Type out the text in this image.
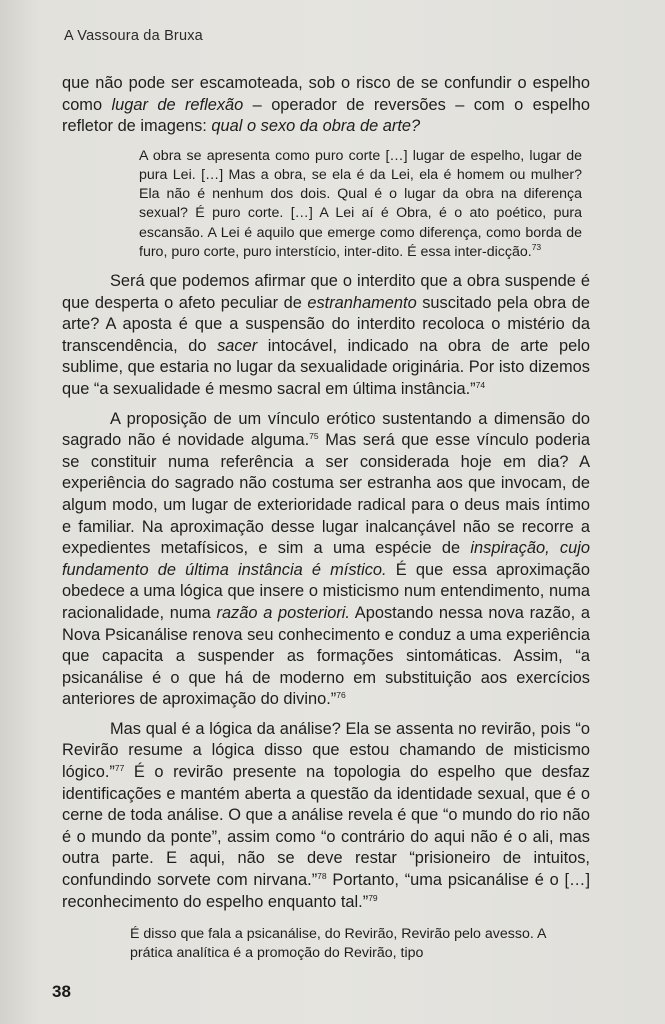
A Vassoura da Bruxa

que não pode ser escamoteada, sob o risco de se confundir o espelho como lugar de reflexão – operador de reversões – com o espelho refletor de imagens: qual o sexo da obra de arte?

A obra se apresenta como puro corte […] lugar de espelho, lugar de pura Lei. […] Mas a obra, se ela é da Lei, ela é homem ou mulher? Ela não é nenhum dos dois. Qual é o lugar da obra na diferença sexual? É puro corte. […] A Lei aí é Obra, é o ato poético, pura escansão. A Lei é aquilo que emerge como diferença, como borda de furo, puro corte, puro interstício, inter-dito. É essa inter-dicção.$^{73}$

Será que podemos afirmar que o interdito que a obra suspende é que desperta o afeto peculiar de estranhamento suscitado pela obra de arte? A aposta é que a suspensão do interdito recoloca o mistério da transcendência, do sacer intocável, indicado na obra de arte pelo sublime, que estaria no lugar da sexualidade originária. Por isto dizemos que “a sexualidade é mesmo sacral em última instância.”$^{74}$

A proposição de um vínculo erótico sustentando a dimensão do sagrado não é novidade alguma.$^{75}$ Mas será que esse vínculo poderia se constituir numa referência a ser considerada hoje em dia? A experiência do sagrado não costuma ser estranha aos que invocam, de algum modo, um lugar de exterioridade radical para o deus mais íntimo e familiar. Na aproximação desse lugar inalcançável não se recorre a expedientes metafísicos, e sim a uma espécie de inspiração, cujo fundamento de última instância é místico. É que essa aproximação obedece a uma lógica que insere o misticismo num entendimento, numa racionalidade, numa razão a posteriori. Apostando nessa nova razão, a Nova Psicanálise renova seu conhecimento e conduz a uma experiência que capacita a suspender as formações sintomáticas. Assim, “a psicanálise é o que há de moderno em substituição aos exercícios anteriores de aproximação do divino.”$^{76}$

Mas qual é a lógica da análise? Ela se assenta no revirão, pois “o Revirão resume a lógica disso que estou chamando de misticismo lógico.”$^{77}$ É o revirão presente na topologia do espelho que desfaz identificações e mantém aberta a questão da identidade sexual, que é o cerne de toda análise. O que a análise revela é que “o mundo do rio não é o mundo da ponte”, assim como “o contrário do aqui não é o ali, mas outra parte. E aqui, não se deve restar “prisioneiro de intuitos, confundindo sorvete com nirvana.”$^{78}$ Portanto, “uma psicanálise é o […] reconhecimento do espelho enquanto tal.”$^{79}$

É disso que fala a psicanálise, do Revirão, Revirão pelo avesso. A prática analítica é a promoção do Revirão, tipo
38
